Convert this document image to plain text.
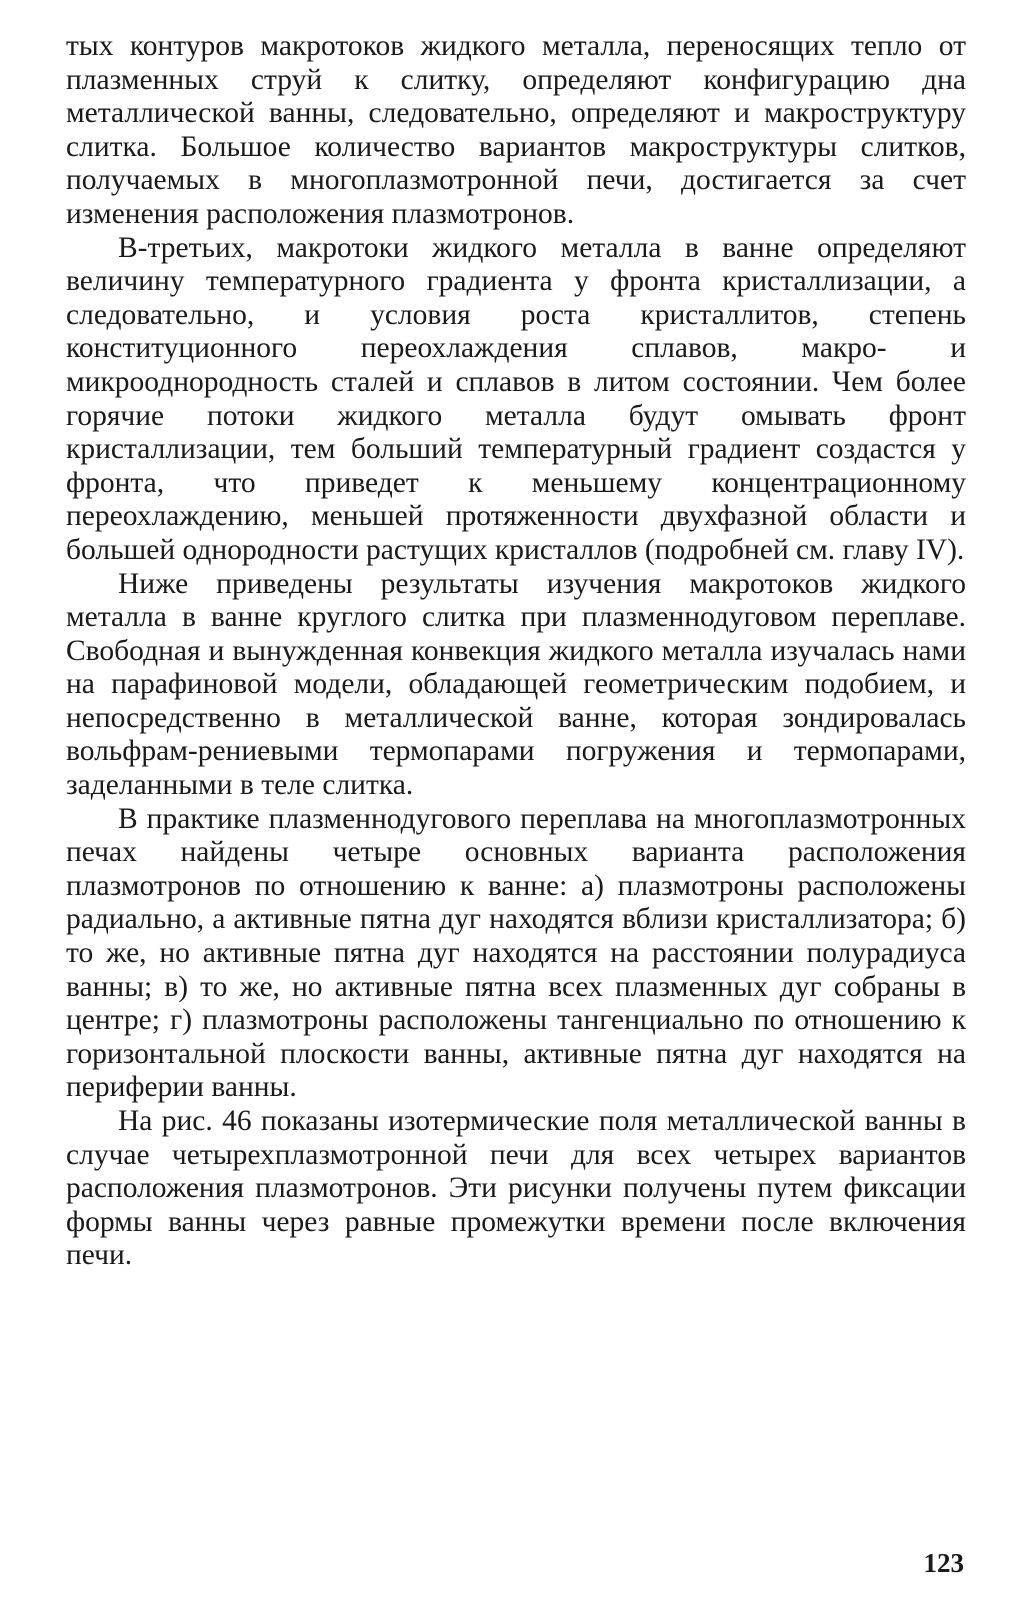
тых контуров макротоков жидкого металла, переносящих тепло от плазменных струй к слитку, определяют конфигурацию дна металлической ванны, следовательно, определяют и макроструктуру слитка. Большое количество вариантов макроструктуры слитков, получаемых в многоплазмотронной печи, достигается за счет изменения расположения плазмотронов.

В-третьих, макротоки жидкого металла в ванне определяют величину температурного градиента у фронта кристаллизации, а следовательно, и условия роста кристаллитов, степень конституционного переохлаждения сплавов, макро- и микрооднородность сталей и сплавов в литом состоянии. Чем более горячие потоки жидкого металла будут омывать фронт кристаллизации, тем больший температурный градиент создастся у фронта, что приведет к меньшему концентрационному переохлаждению, меньшей протяженности двухфазной области и большей однородности растущих кристаллов (подробней см. главу IV).

Ниже приведены результаты изучения макротоков жидкого металла в ванне круглого слитка при плазменнодуговом переплаве. Свободная и вынужденная конвекция жидкого металла изучалась нами на парафиновой модели, обладающей геометрическим подобием, и непосредственно в металлической ванне, которая зондировалась вольфрам-рениевыми термопарами погружения и термопарами, заделанными в теле слитка.

В практике плазменнодугового переплава на многоплазмотронных печах найдены четыре основных варианта расположения плазмотронов по отношению к ванне: а) плазмотроны расположены радиально, а активные пятна дуг находятся вблизи кристаллизатора; б) то же, но активные пятна дуг находятся на расстоянии полурадиуса ванны; в) то же, но активные пятна всех плазменных дуг собраны в центре; г) плазмотроны расположены тангенциально по отношению к горизонтальной плоскости ванны, активные пятна дуг находятся на периферии ванны.

На рис. 46 показаны изотермические поля металлической ванны в случае четырехплазмотронной печи для всех четырех вариантов расположения плазмотронов. Эти рисунки получены путем фиксации формы ванны через равные промежутки времени после включения печи.

123
